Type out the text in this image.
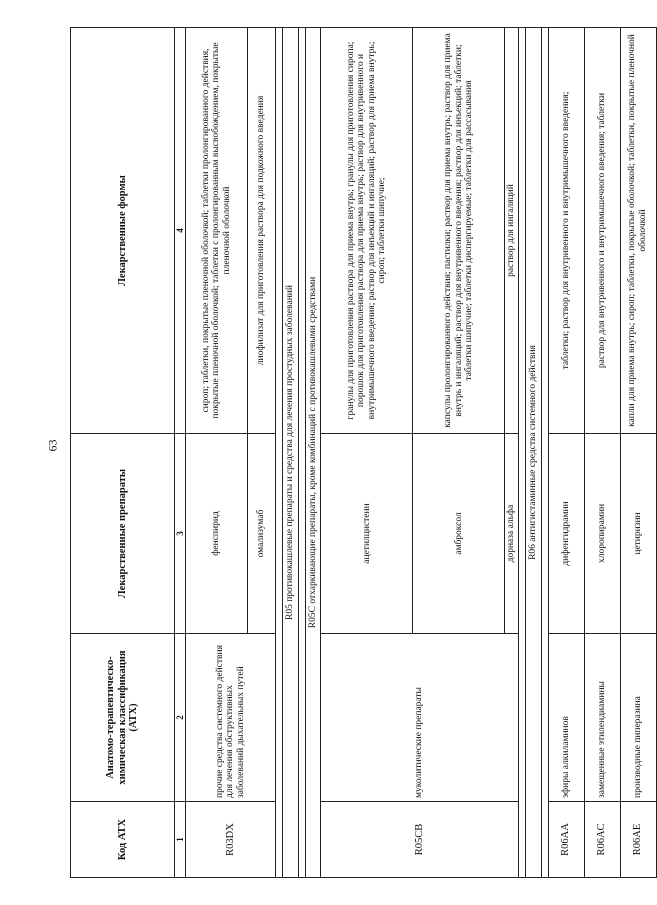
63
Код АТХ	Анатомо-терапевтическо-химическая классификация (АТХ)	Лекарственные препараты	Лекарственные формы
1	2	3	4
R03DX	прочие средства системного действия для лечения обструктивных заболеваний дыхательных путей	фенспирид	сироп; таблетки, покрытые пленочной оболочкой; таблетки пролонгированного действия, покрытые пленочной оболочкой; таблетки с пролонгированным высвобождением, покрытые пленочной оболочкой
		омализумаб	лиофилизат для приготовления раствора для подкожного введения

R05 противокашлевые препараты и средства для лечения простудных заболеваний			

R05C отхаркивающие препараты, кроме комбинаций с противокашлевыми средствами			
R05CB	муколитические препараты	ацетилцистеин	гранулы для приготовления раствора для приема внутрь; гранулы для приготовления сиропа; порошок для приготовления раствора для приема внутрь; раствор для внутривенного и внутримышечного введения; раствор для инъекций и ингаляций; раствор для приема внутрь; сироп; таблетки шипучие;
		амброксол	капсулы пролонгированного действия; пастилки; раствор для приема внутрь; раствор для приема внутрь и ингаляций; раствор для внутривенного введения; раствор для инъекций; таблетки; таблетки шипучие; таблетки диспергируемые; таблетки для рассасывания
		дорназа альфа	раствор для ингаляций

R06 антигистаминные средства системного действия			

R06AA	эфиры алкиламинов	дифенгидрамин	таблетки; раствор для внутривенного и внутримышечного введения;
R06AC	замещенные этилендиамины	хлоропирамин	раствор для внутривенного и внутримышечного введения; таблетки
R06AE	производные пиперазина	цетиризин	капли для приема внутрь; сироп; таблетки, покрытые оболочкой; таблетки, покрытые пленочной оболочкой
